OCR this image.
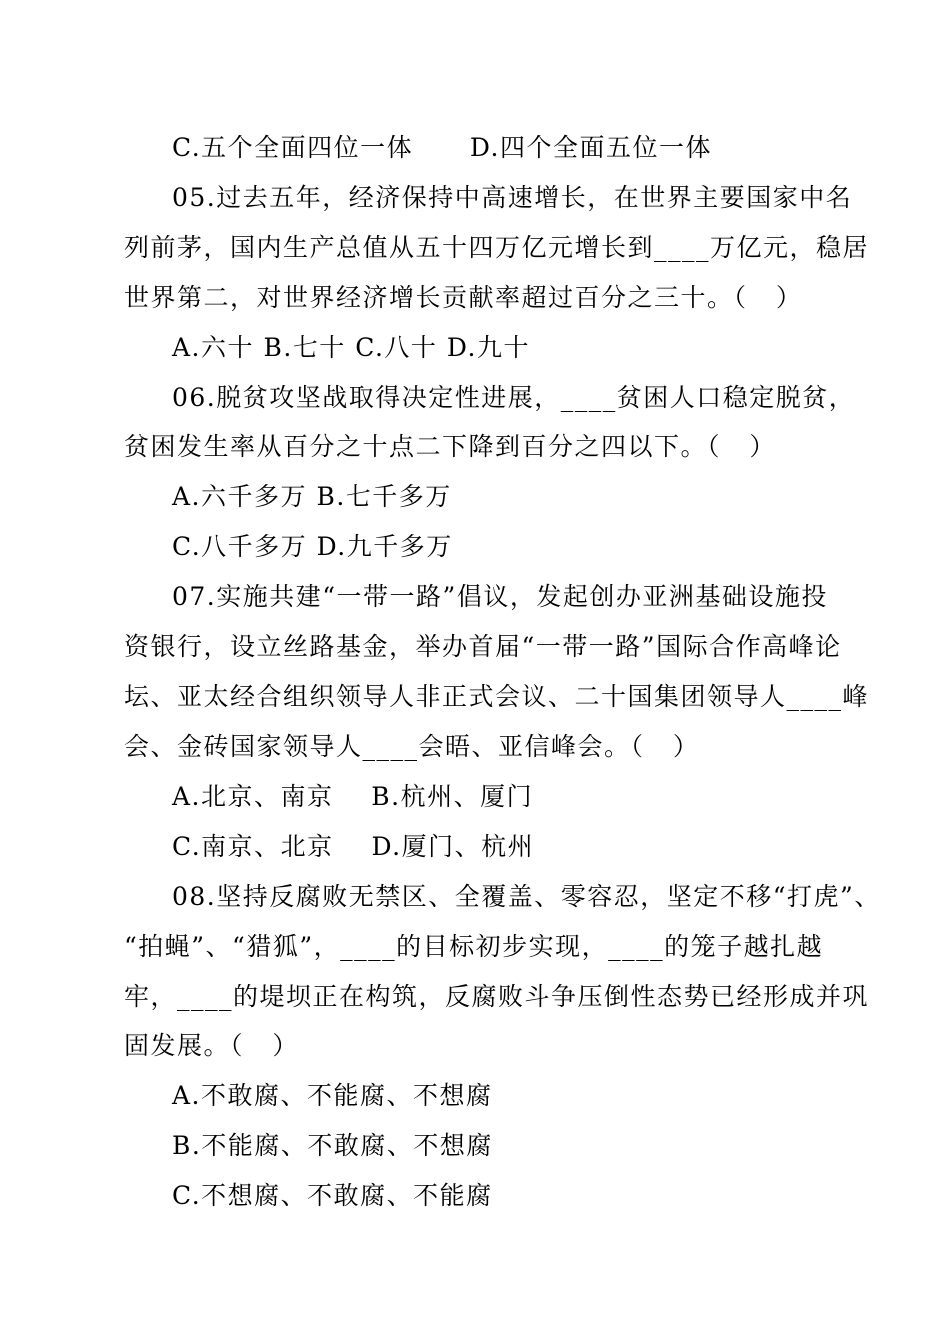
C.五个全面四位一体      D.四个全面五位一体
05.过去五年，经济保持中高速增长，在世界主要国家中名
列前茅，国内生产总值从五十四万亿元增长到____万亿元，稳居
世界第二，对世界经济增长贡献率超过百分之三十。（   ）
A.六十 B.七十 C.八十 D.九十
06.脱贫攻坚战取得决定性进展，____贫困人口稳定脱贫，
贫困发生率从百分之十点二下降到百分之四以下。（   ）
A.六千多万 B.七千多万
C.八千多万 D.九千多万
07.实施共建“一带一路”倡议，发起创办亚洲基础设施投
资银行，设立丝路基金，举办首届“一带一路”国际合作高峰论
坛、亚太经合组织领导人非正式会议、二十国集团领导人____峰
会、金砖国家领导人____会晤、亚信峰会。（   ）
A.北京、南京    B.杭州、厦门
C.南京、北京    D.厦门、杭州
08.坚持反腐败无禁区、全覆盖、零容忍，坚定不移“打虎”、
“拍蝇”、“猎狐”，____的目标初步实现，____的笼子越扎越
牢，____的堤坝正在构筑，反腐败斗争压倒性态势已经形成并巩
固发展。（   ）
A.不敢腐、不能腐、不想腐
B.不能腐、不敢腐、不想腐
C.不想腐、不敢腐、不能腐
